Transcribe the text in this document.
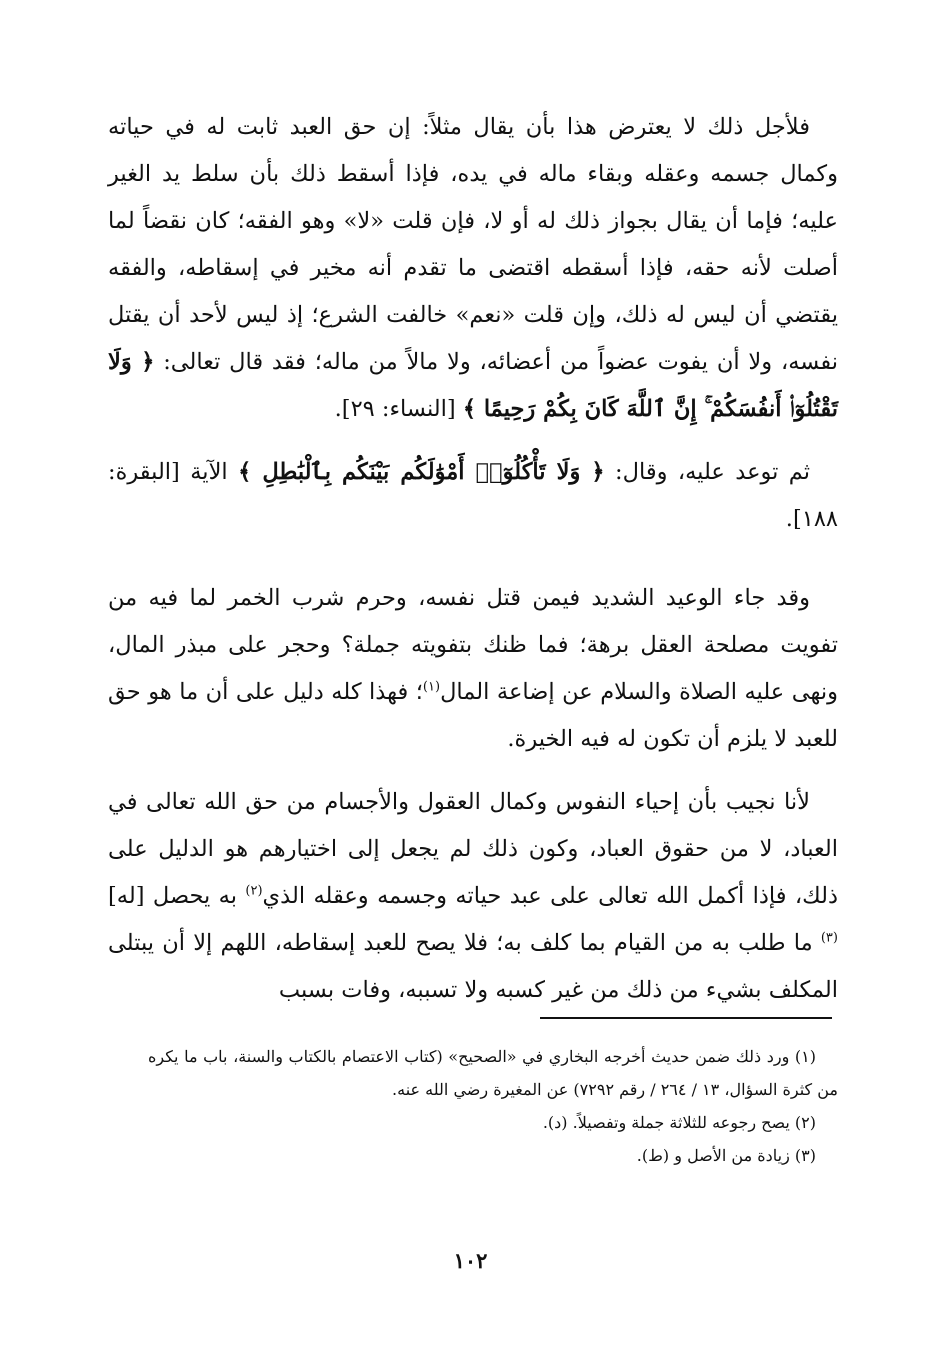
فلأجل ذلك لا يعترض هذا بأن يقال مثلاً: إن حق العبد ثابت له في حياته وكمال جسمه وعقله وبقاء ماله في يده، فإذا أسقط ذلك بأن سلط يد الغير عليه؛ فإما أن يقال بجواز ذلك له أو لا، فإن قلت «لا» وهو الفقه؛ كان نقضاً لما أصلت لأنه حقه، فإذا أسقطه اقتضى ما تقدم أنه مخير في إسقاطه، والفقه يقتضي أن ليس له ذلك، وإن قلت «نعم» خالفت الشرع؛ إذ ليس لأحد أن يقتل نفسه، ولا أن يفوت عضواً من أعضائه، ولا مالاً من ماله؛ فقد قال تعالى: ﴿ وَلَا تَقْتُلُوٓا۟ أَنفُسَكُمْ ۚ إِنَّ ٱللَّهَ كَانَ بِكُمْ رَحِيمًا ﴾ [النساء: ٢٩].

ثم توعد عليه، وقال: ﴿ وَلَا تَأْكُلُوٓا۟ أَمْوَٰلَكُم بَيْنَكُم بِٱلْبَٰطِلِ ﴾ الآية [البقرة: ١٨٨].

وقد جاء الوعيد الشديد فيمن قتل نفسه، وحرم شرب الخمر لما فيه من تفويت مصلحة العقل برهة؛ فما ظنك بتفويته جملة؟ وحجر على مبذر المال، ونهى عليه الصلاة والسلام عن إضاعة المال$^{(١)}$؛ فهذا كله دليل على أن ما هو حق للعبد لا يلزم أن تكون له فيه الخيرة.

لأنا نجيب بأن إحياء النفوس وكمال العقول والأجسام من حق الله تعالى في العباد، لا من حقوق العباد، وكون ذلك لم يجعل إلى اختيارهم هو الدليل على ذلك، فإذا أكمل الله تعالى على عبد حياته وجسمه وعقله الذي$^{(٢)}$ به يحصل [له]$^{(٣)}$ ما طلب به من القيام بما كلف به؛ فلا يصح للعبد إسقاطه، اللهم إلا أن يبتلى المكلف بشيء من ذلك من غير كسبه ولا تسببه، وفات بسبب

(١) ورد ذلك ضمن حديث أخرجه البخاري في «الصحيح» (كتاب الاعتصام بالكتاب والسنة، باب ما يكره من كثرة السؤال، ١٣ / ٢٦٤ / رقم ٧٢٩٢) عن المغيرة رضي الله عنه.

(٢) يصح رجوعه للثلاثة جملة وتفصيلاً. (د).

(٣) زيادة من الأصل و (ط).

١٠٢
